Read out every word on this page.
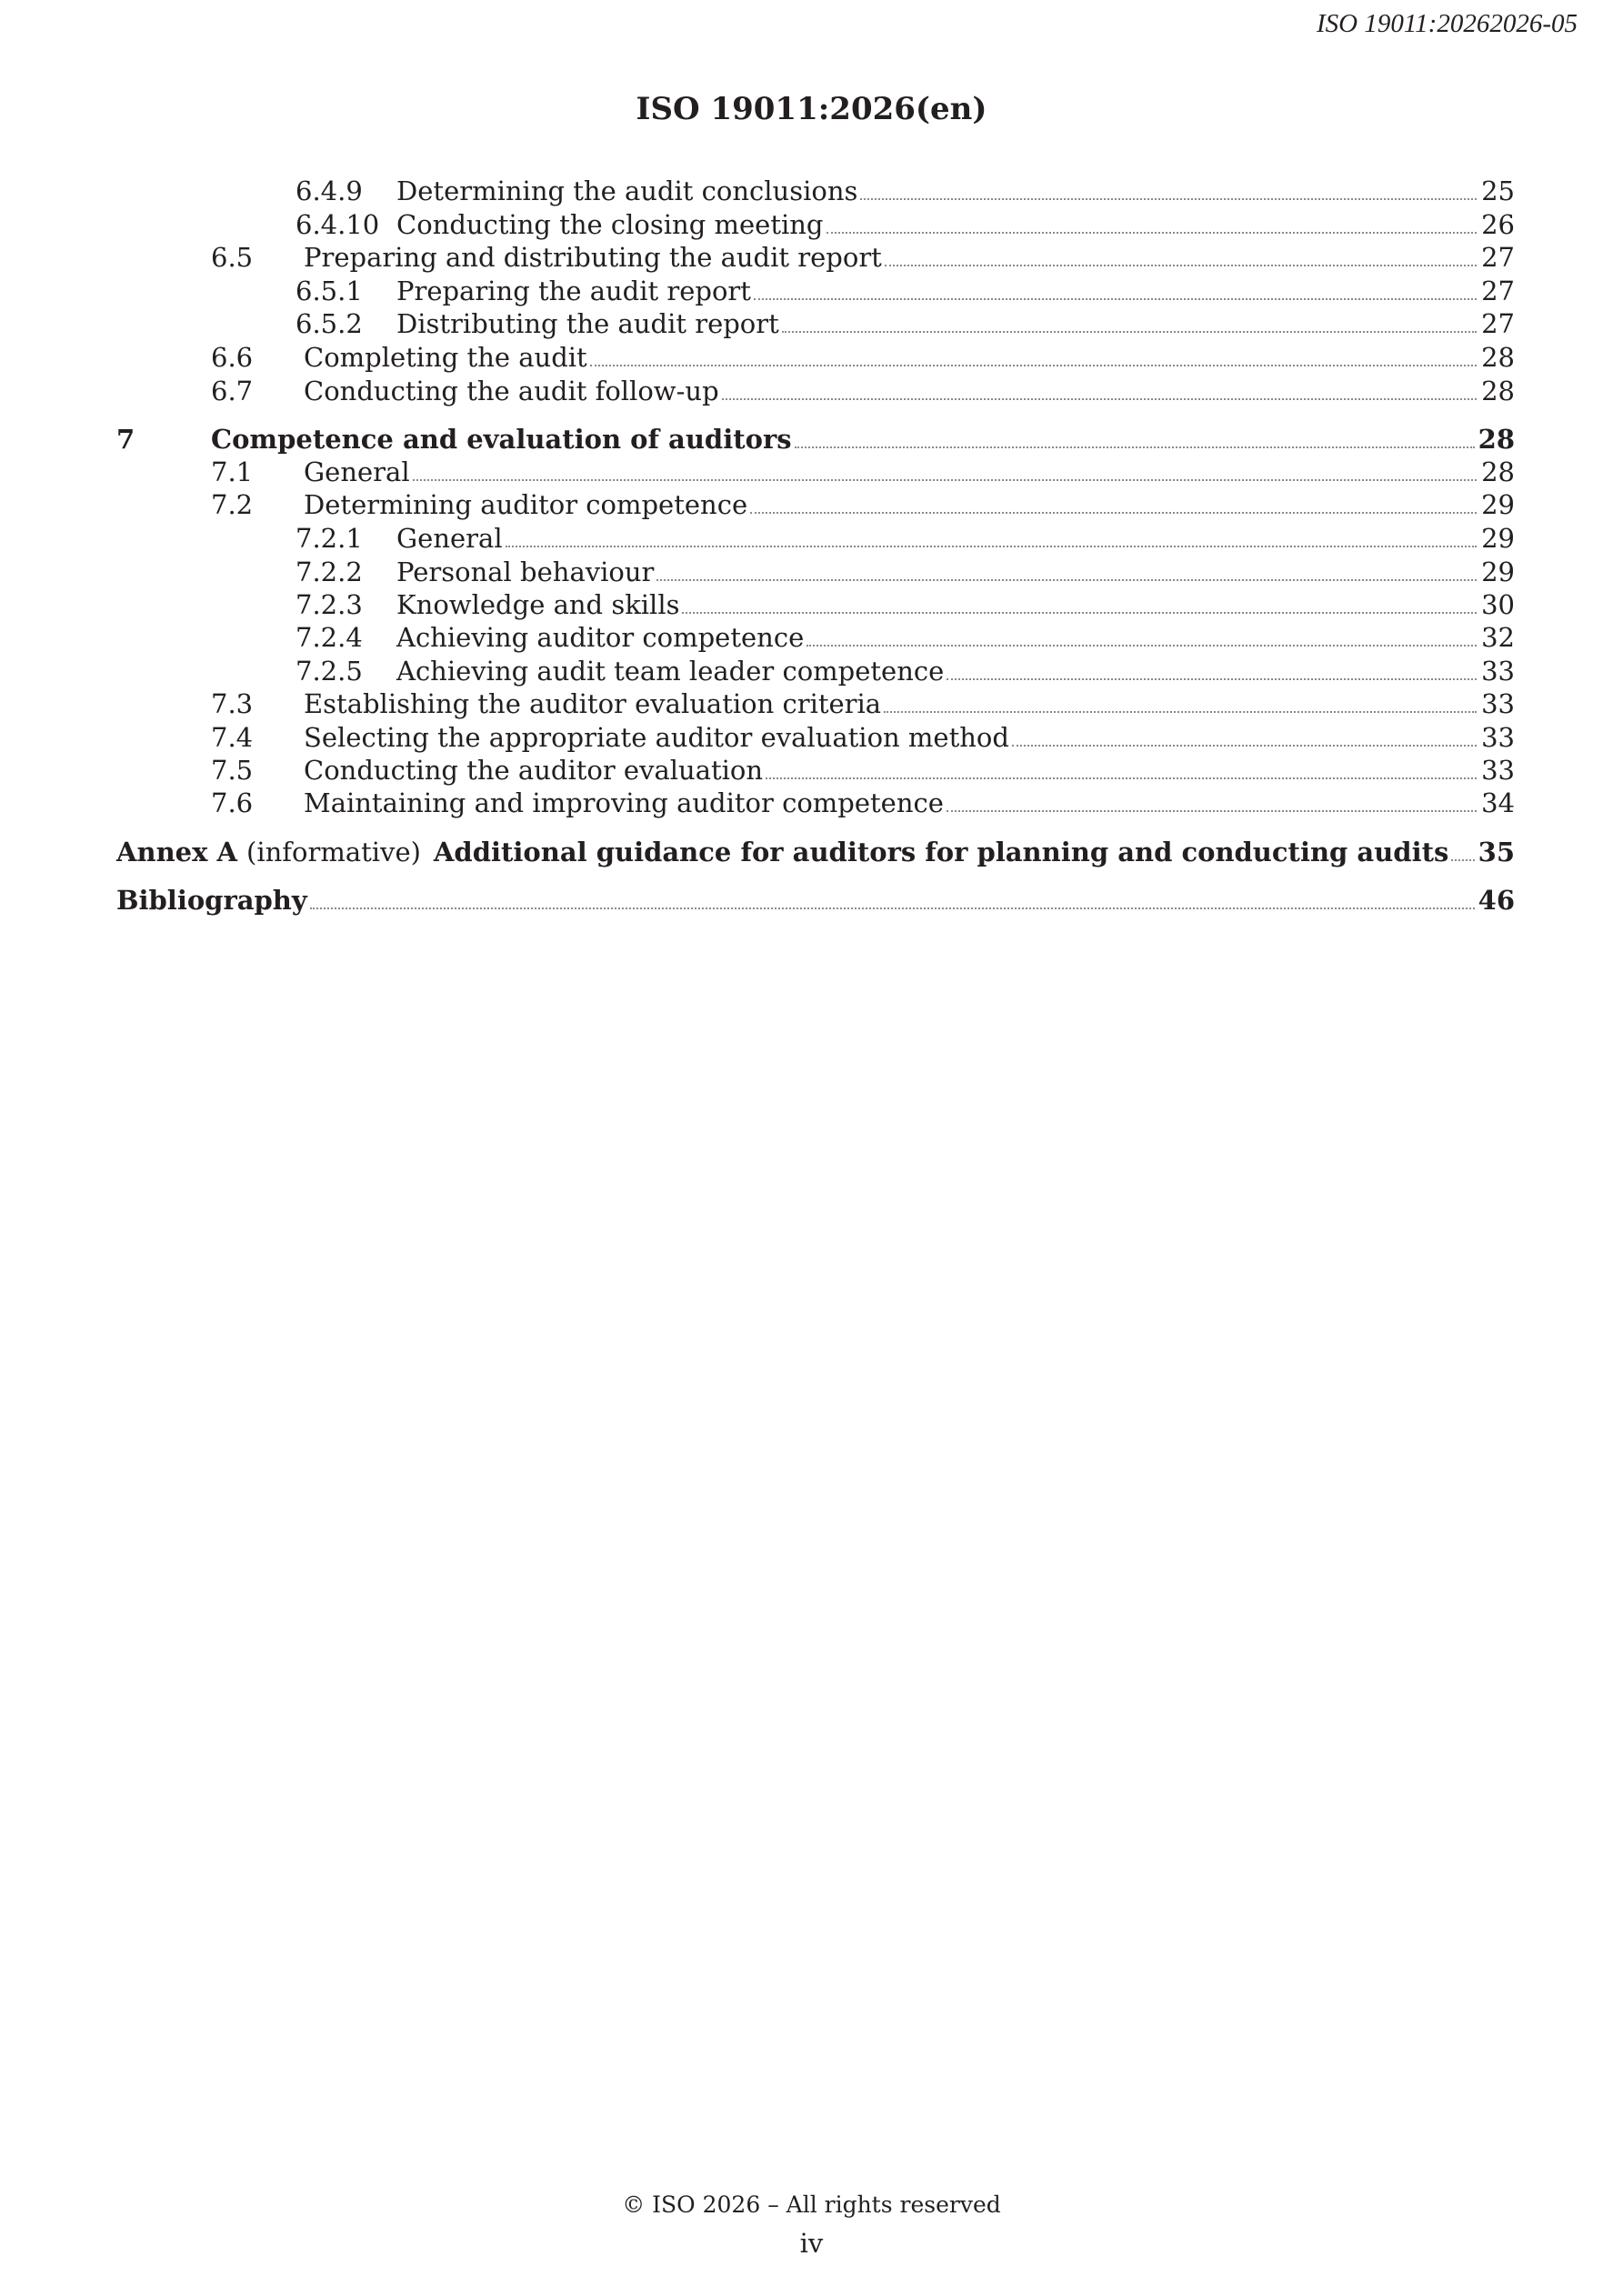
ISO 19011:20262026-05
ISO 19011:2026(en)
6.4.9 Determining the audit conclusions	25
6.4.10 Conducting the closing meeting	26
6.5 Preparing and distributing the audit report	27
6.5.1 Preparing the audit report	27
6.5.2 Distributing the audit report	27
6.6 Completing the audit	28
6.7 Conducting the audit follow-up	28
7	Competence and evaluation of auditors	28
7.1 General	28
7.2 Determining auditor competence	29
7.2.1 General	29
7.2.2 Personal behaviour	29
7.2.3 Knowledge and skills	30
7.2.4 Achieving auditor competence	32
7.2.5 Achieving audit team leader competence	33
7.3 Establishing the auditor evaluation criteria	33
7.4 Selecting the appropriate auditor evaluation method	33
7.5 Conducting the auditor evaluation	33
7.6 Maintaining and improving auditor competence	34
Annex A (informative) Additional guidance for auditors for planning and conducting audits 35
Bibliography	46
© ISO 2026 – All rights reserved
iv
